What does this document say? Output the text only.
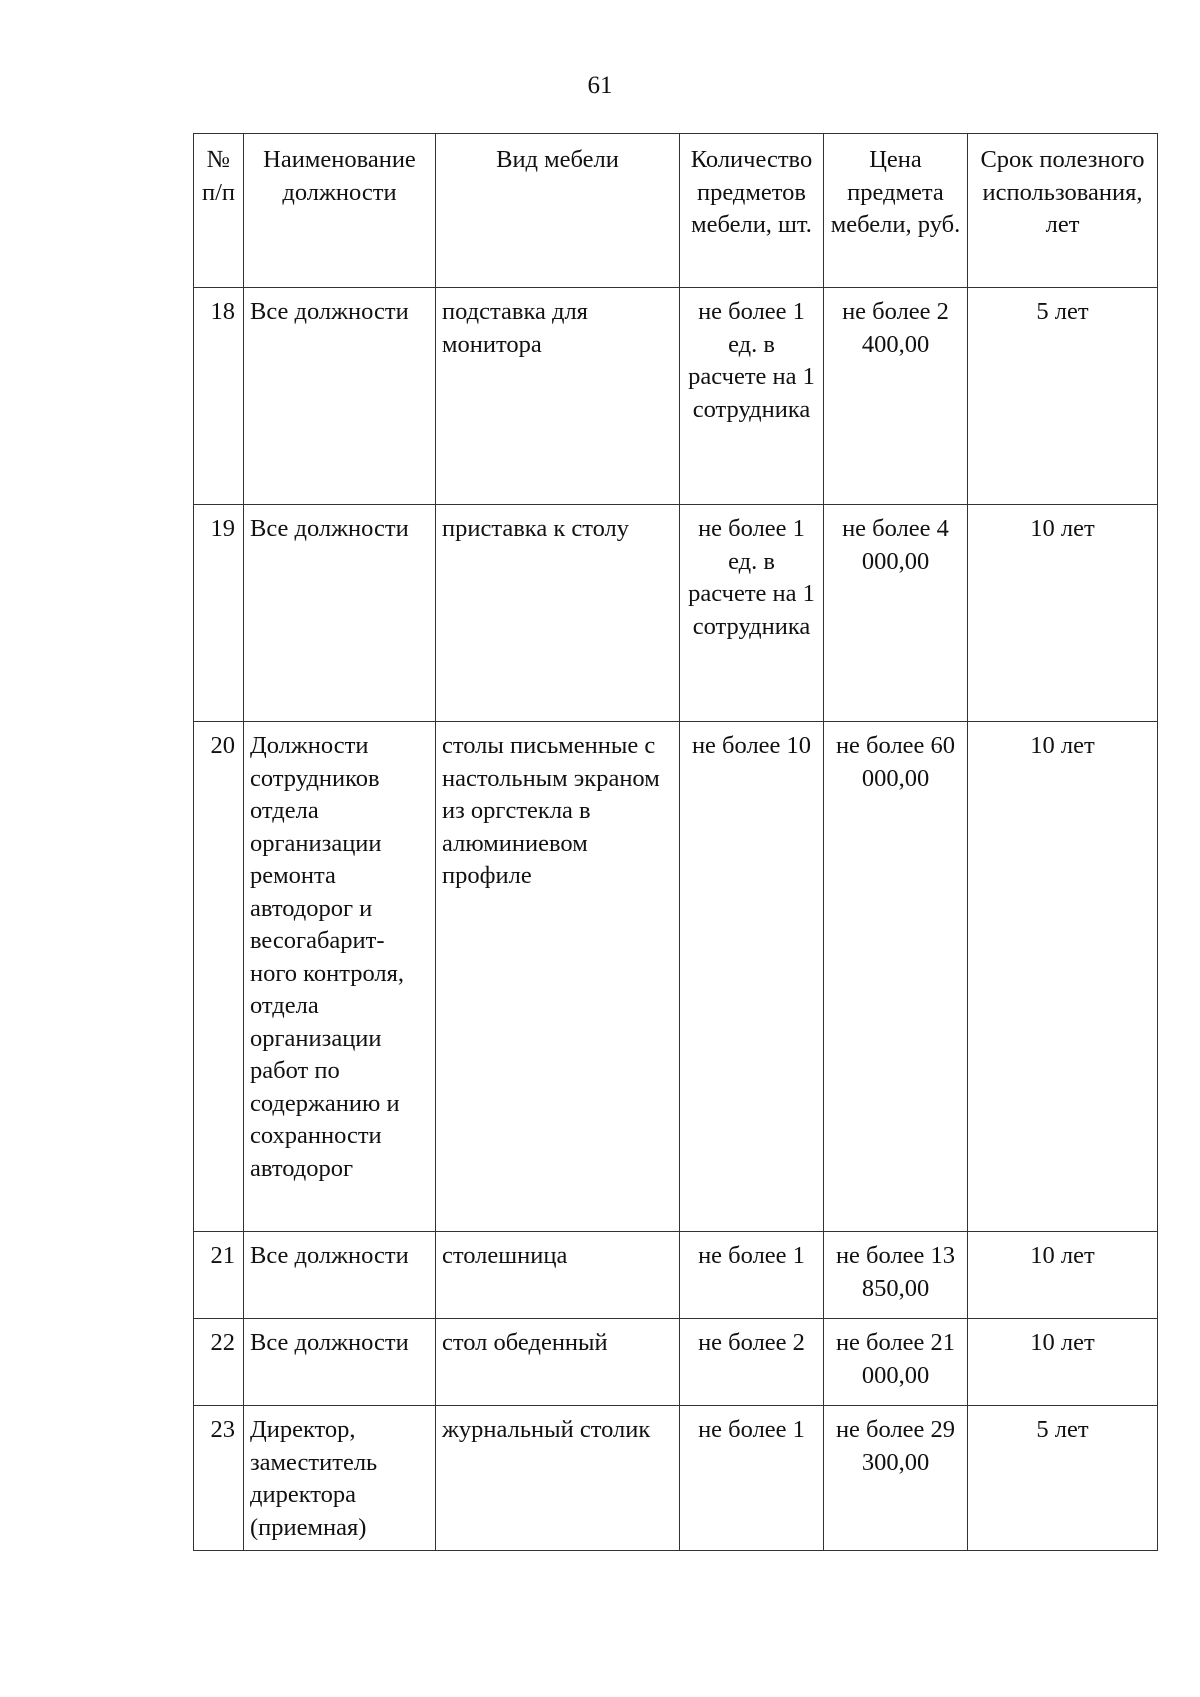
61
№ п/п	Наименование должности	Вид мебели	Количество предметов мебели, шт.	Цена предмета мебели, руб.	Срок полезного использования, лет
18	Все должности	подставка для монитора	не более 1 ед. в расчете на 1 сотрудника	не более 2 400,00	5 лет
19	Все должности	приставка к столу	не более 1 ед. в расчете на 1 сотрудника	не более 4 000,00	10 лет
20	Должности сотрудников отдела организации ремонта автодорог и весогабарит-ного контроля, отдела организации работ по содержанию и сохранности автодорог	столы письменные с настольным экраном из оргстекла в алюминиевом профиле	не более 10	не более 60 000,00	10 лет
21	Все должности	столешница	не более 1	не более 13 850,00	10 лет
22	Все должности	стол обеденный	не более 2	не более 21 000,00	10 лет
23	Директор, заместитель директора (приемная)	журнальный столик	не более 1	не более 29 300,00	5 лет
